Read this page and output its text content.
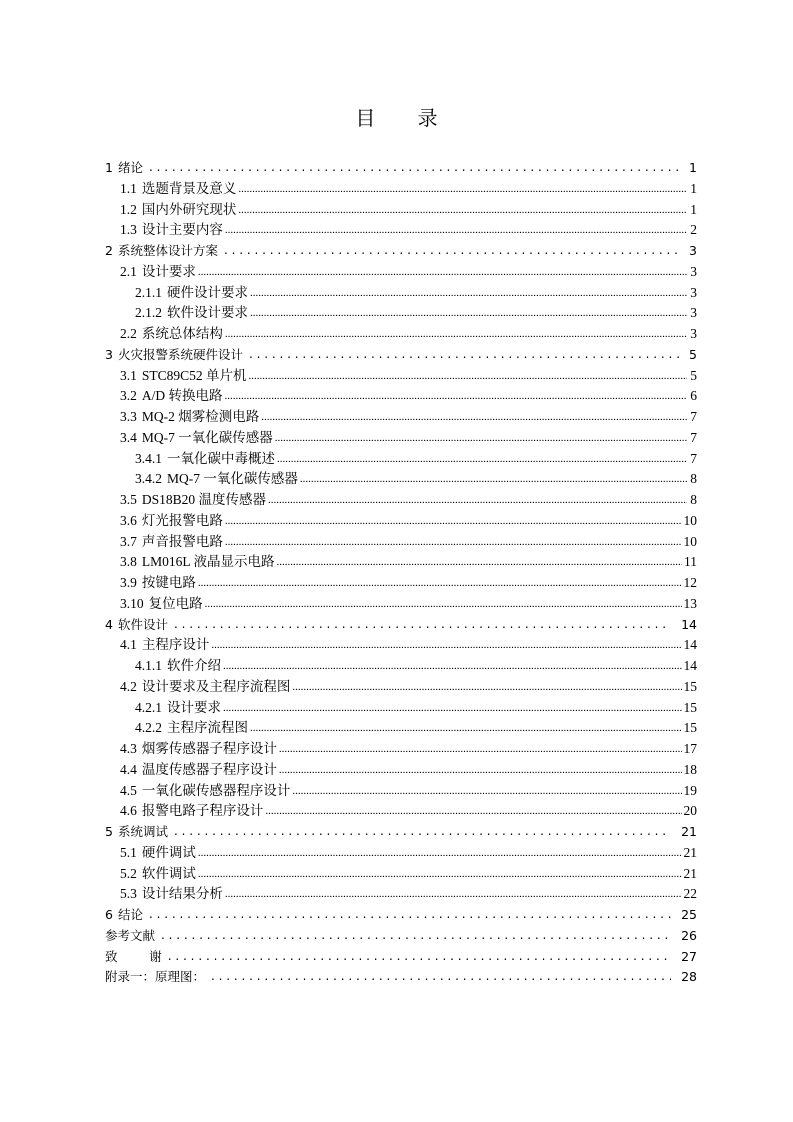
目 录
1 绪论 . . .	1
1.1 选题背景及意义 .....	1
1.2 国内外研究现状 .....	1
1.3 设计主要内容 .....	2
2 系统整体设计方案 . . .	3
2.1 设计要求 .....	3
2.1.1 硬件设计要求 .....	3
2.1.2 软件设计要求 .....	3
2.2 系统总体结构 .....	3
3 火灾报警系统硬件设计 . . .	5
3.1 STC89C52 单片机 .....	5
3.2 A/D 转换电路 .....	6
3.3 MQ-2 烟雾检测电路 .....	7
3.4 MQ-7 一氧化碳传感器 .....	7
3.4.1 一氧化碳中毒概述 .....	7
3.4.2 MQ-7 一氧化碳传感器 .....	8
3.5 DS18B20 温度传感器 .....	8
3.6 灯光报警电路 .....	10
3.7 声音报警电路 .....	10
3.8 LM016L 液晶显示电路 .....	11
3.9 按键电路 .....	12
3.10 复位电路 .....	13
4 软件设计 . . .	14
4.1 主程序设计 .....	14
4.1.1 软件介绍 .....	14
4.2 设计要求及主程序流程图 .....	15
4.2.1 设计要求 .....	15
4.2.2 主程序流程图 .....	15
4.3 烟雾传感器子程序设计 .....	17
4.4 温度传感器子程序设计 .....	18
4.5 一氧化碳传感器程序设计 .....	19
4.6 报警电路子程序设计 .....	20
5 系统调试 . . .	21
5.1 硬件调试 .....	21
5.2 软件调试 .....	21
5.3 设计结果分析 .....	22
6 结论 . . .	25
参考文献 . . .	26
致        谢 . . .	27
附录一：原理图： . . .	28
